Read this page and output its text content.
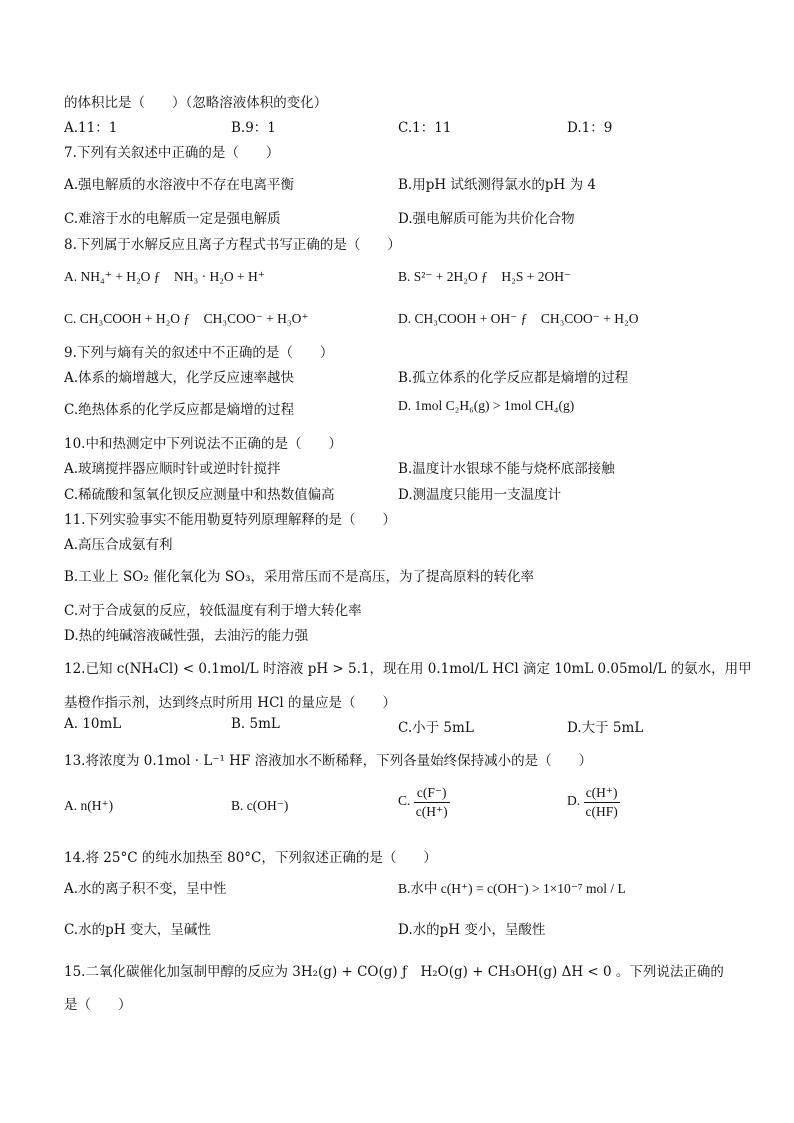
的体积比是（　　）（忽略溶液体积的变化）
A.11：1	B.9：1	C.1：11	D.1：9
7.下列有关叙述中正确的是（　　）
A.强电解质的水溶液中不存在电离平衡	B.用pH 试纸测得氯水的pH 为 4
C.难溶于水的电解质一定是强电解质	D.强电解质可能为共价化合物
8.下列属于水解反应且离子方程式书写正确的是（　　）
A. NH₄⁺ + H₂O ƒ　NH₃ · H₂O + H⁺	B. S²⁻ + 2H₂O ƒ　H₂S + 2OH⁻
C. CH₃COOH + H₂O ƒ　CH₃COO⁻ + H₃O⁺	D. CH₃COOH + OH⁻ ƒ　CH₃COO⁻ + H₂O
9.下列与熵有关的叙述中不正确的是（　　）
A.体系的熵增越大，化学反应速率越快	B.孤立体系的化学反应都是熵增的过程
C.绝热体系的化学反应都是熵增的过程	D. 1mol C₂H₆(g) > 1mol CH₄(g)
10.中和热测定中下列说法不正确的是（　　）
A.玻璃搅拌器应顺时针或逆时针搅拌	B.温度计水银球不能与烧杯底部接触
C.稀硫酸和氢氧化钡反应测量中和热数值偏高	D.测温度只能用一支温度计
11.下列实验事实不能用勒夏特列原理解释的是（　　）
A.高压合成氨有利
B.工业上 SO₂ 催化氧化为 SO₃，采用常压而不是高压，为了提高原料的转化率
C.对于合成氨的反应，较低温度有利于增大转化率
D.热的纯碱溶液碱性强，去油污的能力强
12.已知 c(NH₄Cl) < 0.1mol/L 时溶液 pH > 5.1，现在用 0.1mol/L HCl 滴定 10mL 0.05mol/L 的氨水，用甲
基橙作指示剂，达到终点时所用 HCl 的量应是（　　）
A. 10mL	B. 5mL	C.小于 5mL	D.大于 5mL
13.将浓度为 0.1mol · L⁻¹ HF 溶液加水不断稀释，下列各量始终保持减小的是（　　）
A. n(H⁺)	B. c(OH⁻)	C. $\frac{c(F^-)}{c(H^+)}$	D. $\frac{c(H^+)}{c(HF)}$
14.将 25°C 的纯水加热至 80°C，下列叙述正确的是（　　）
A.水的离子积不变，呈中性	B.水中 c(H⁺) = c(OH⁻) > 1×10⁻⁷ mol / L
C.水的pH 变大，呈碱性	D.水的pH 变小，呈酸性
15.二氧化碳催化加氢制甲醇的反应为 3H₂(g) + CO(g) ƒ　H₂O(g) + CH₃OH(g) ΔH < 0 。下列说法正确的
是（　　）
